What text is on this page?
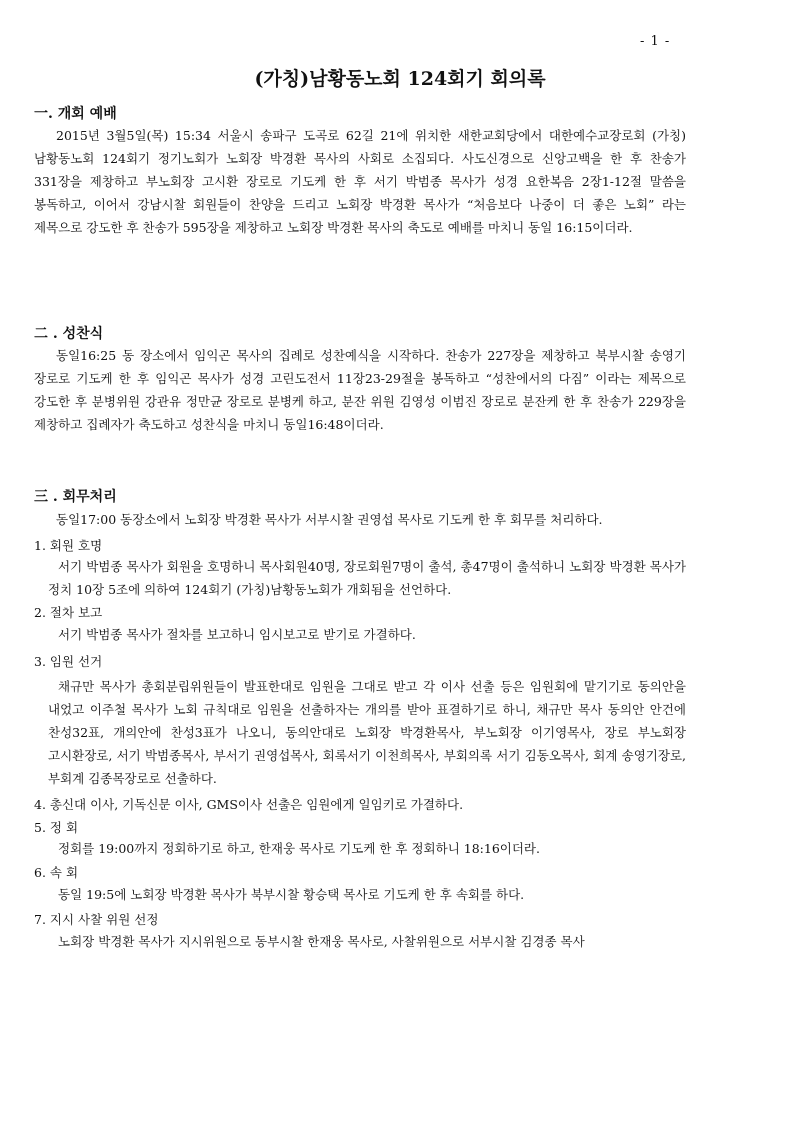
- 1 -
(가칭)남황동노회 124회기 회의록
一. 개회 예배
2015년 3월5일(목) 15:34 서울시 송파구 도곡로 62길 21에 위치한 새한교회당에서 대한예수교장로회 (가칭)남황동노회 124회기 정기노회가 노회장 박경환 목사의 사회로 소집되다. 사도신경으로 신앙고백을 한 후 찬송가 331장을 제창하고 부노회장 고시환 장로로 기도케 한 후 서기 박범종 목사가 성경 요한복음 2장1-12절 말씀을 봉독하고, 이어서 강남시찰 회원들이 찬양을 드리고 노회장 박경환 목사가 “처음보다 나중이 더 좋은 노회” 라는 제목으로 강도한 후 찬송가 595장을 제창하고 노회장 박경환 목사의 축도로 예배를 마치니 동일 16:15이더라.
二 . 성찬식
동일16:25 동 장소에서 임익곤 목사의 집례로 성찬예식을 시작하다. 찬송가 227장을 제창하고 북부시찰 송영기 장로로 기도케 한 후 임익곤 목사가 성경 고린도전서 11장23-29절을 봉독하고 “성찬에서의 다짐” 이라는 제목으로 강도한 후 분병위원 강관유 정만균 장로로 분병케 하고, 분잔 위원 김영성 이범진 장로로 분잔케 한 후 찬송가 229장을 제창하고 집례자가 축도하고 성찬식을 마치니 동일16:48이더라.
三 . 회무처리
동일17:00 동장소에서 노회장 박경환 목사가 서부시찰 권영섭 목사로 기도케 한 후 회무를 처리하다.
1. 회원 호명
서기 박범종 목사가 회원을 호명하니 목사회원40명, 장로회원7명이 출석, 총47명이 출석하니 노회장 박경환 목사가 정치 10장 5조에 의하여 124회기 (가칭)남황동노회가 개회됨을 선언하다.
2. 절차 보고
서기 박범종 목사가 절차를 보고하니 임시보고로 받기로 가결하다.
3. 임원 선거
채규만 목사가 총회분립위원들이 발표한대로 임원을 그대로 받고 각 이사 선출 등은 임원회에 맡기기로 동의안을 내었고 이주철 목사가 노회 규칙대로 임원을 선출하자는 개의를 받아 표결하기로 하니, 채규만 목사 동의안 안건에 찬성32표, 개의안에 찬성3표가 나오니, 동의안대로 노회장 박경환목사, 부노회장 이기영목사, 장로 부노회장 고시환장로, 서기 박범종목사, 부서기 권영섭목사, 회록서기 이천희목사, 부회의록 서기 김동오목사, 회계 송영기장로, 부회계 김종목장로로 선출하다.
4. 총신대 이사, 기독신문 이사, GMS이사 선출은 임원에게 일임키로 가결하다.
5. 정 회
정회를 19:00까지 정회하기로 하고, 한재웅 목사로 기도케 한 후 정회하니 18:16이더라.
6. 속 회
동일 19:5에 노회장 박경환 목사가 북부시찰 황승택 목사로 기도케 한 후 속회를 하다.
7. 지시 사찰 위원 선정
노회장 박경환 목사가 지시위원으로 동부시찰 한재웅 목사로, 사찰위원으로 서부시찰 김경종 목사
